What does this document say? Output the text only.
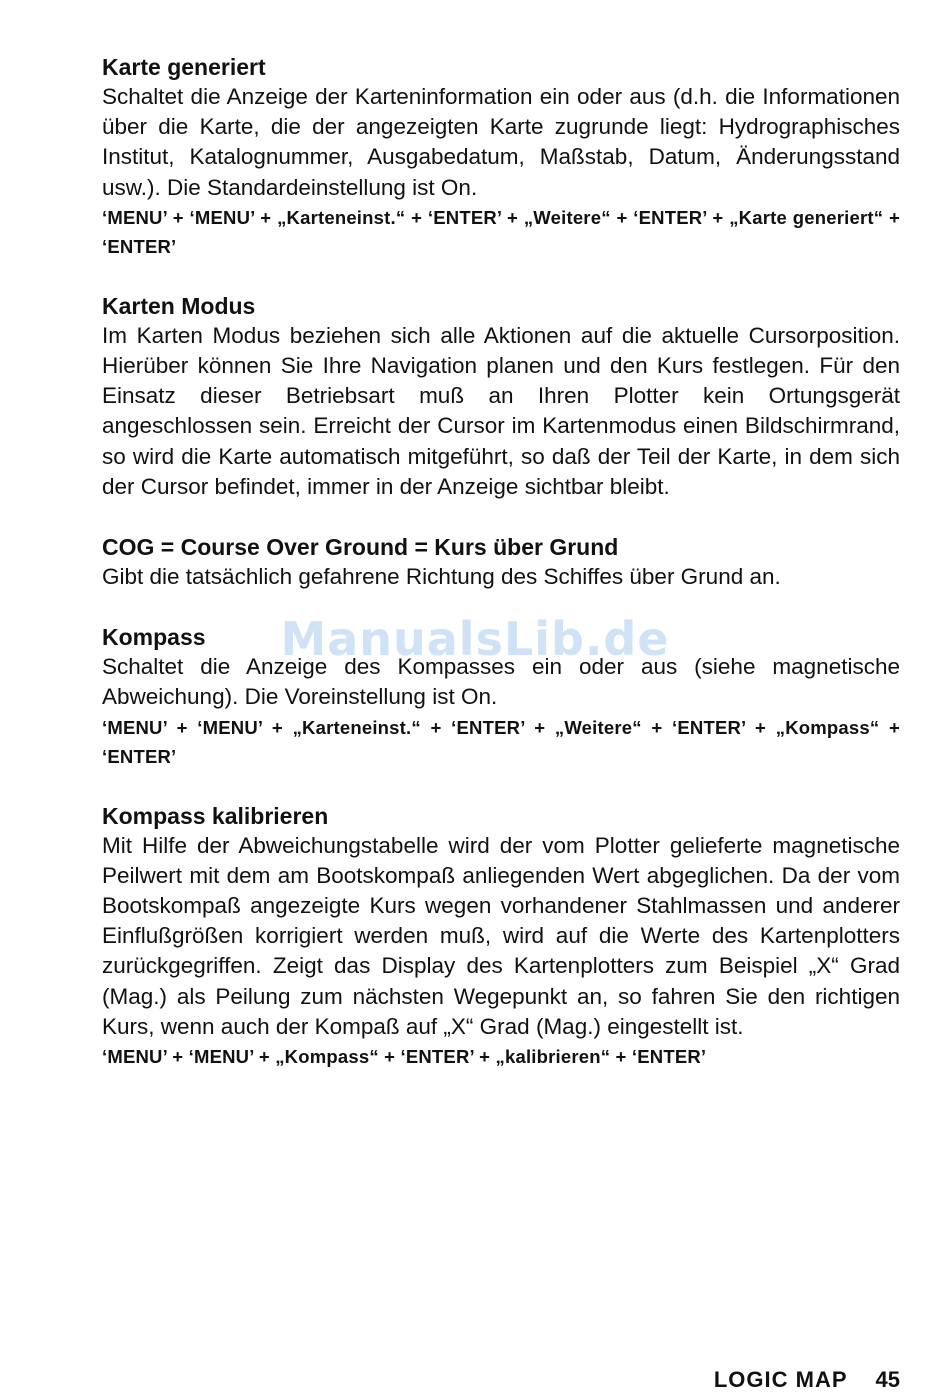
ManualsLib.de

Karte generiert

Schaltet die Anzeige der Karteninformation ein oder aus (d.h. die Informationen über die Karte, die der angezeigten Karte zugrunde liegt: Hydrographisches Institut, Katalognummer, Ausgabedatum, Maßstab, Datum, Änderungsstand usw.). Die Standardeinstellung ist On.

‘MENU’ + ‘MENU’ + „Karteneinst.“ + ‘ENTER’ + „Weitere“ + ‘ENTER’ + „Karte generiert“ + ‘ENTER’

Karten Modus

Im Karten Modus beziehen sich alle Aktionen auf die aktuelle Cursorposition. Hierüber können Sie Ihre Navigation planen und den Kurs festlegen. Für den Einsatz dieser Betriebsart muß an Ihren Plotter kein Ortungsgerät angeschlossen sein. Erreicht der Cursor im Kartenmodus einen Bildschirmrand, so wird die Karte automatisch mitgeführt, so daß der Teil der Karte, in dem sich der Cursor befindet, immer in der Anzeige sichtbar bleibt.

COG = Course Over Ground = Kurs über Grund

Gibt die tatsächlich gefahrene Richtung des Schiffes über Grund an.

Kompass

Schaltet die Anzeige des Kompasses ein oder aus (siehe magnetische Abweichung). Die Voreinstellung ist On.

‘MENU’ + ‘MENU’ + „Karteneinst.“ + ‘ENTER’ + „Weitere“ + ‘ENTER’ + „Kompass“ + ‘ENTER’

Kompass kalibrieren

Mit Hilfe der Abweichungstabelle wird der vom Plotter gelieferte magnetische Peilwert mit dem am Bootskompaß anliegenden Wert abgeglichen. Da der vom Bootskompaß angezeigte Kurs wegen vorhandener Stahlmassen und anderer Einflußgrößen korrigiert werden muß, wird auf die Werte des Kartenplotters zurückgegriffen. Zeigt das Display des Kartenplotters zum Beispiel „X“ Grad (Mag.) als Peilung zum nächsten Wegepunkt an, so fahren Sie den richtigen Kurs, wenn auch der Kompaß auf „X“ Grad (Mag.) eingestellt ist.

‘MENU’ + ‘MENU’ + „Kompass“ + ‘ENTER’ + „kalibrieren“ + ‘ENTER’

LOGIC MAP 45
